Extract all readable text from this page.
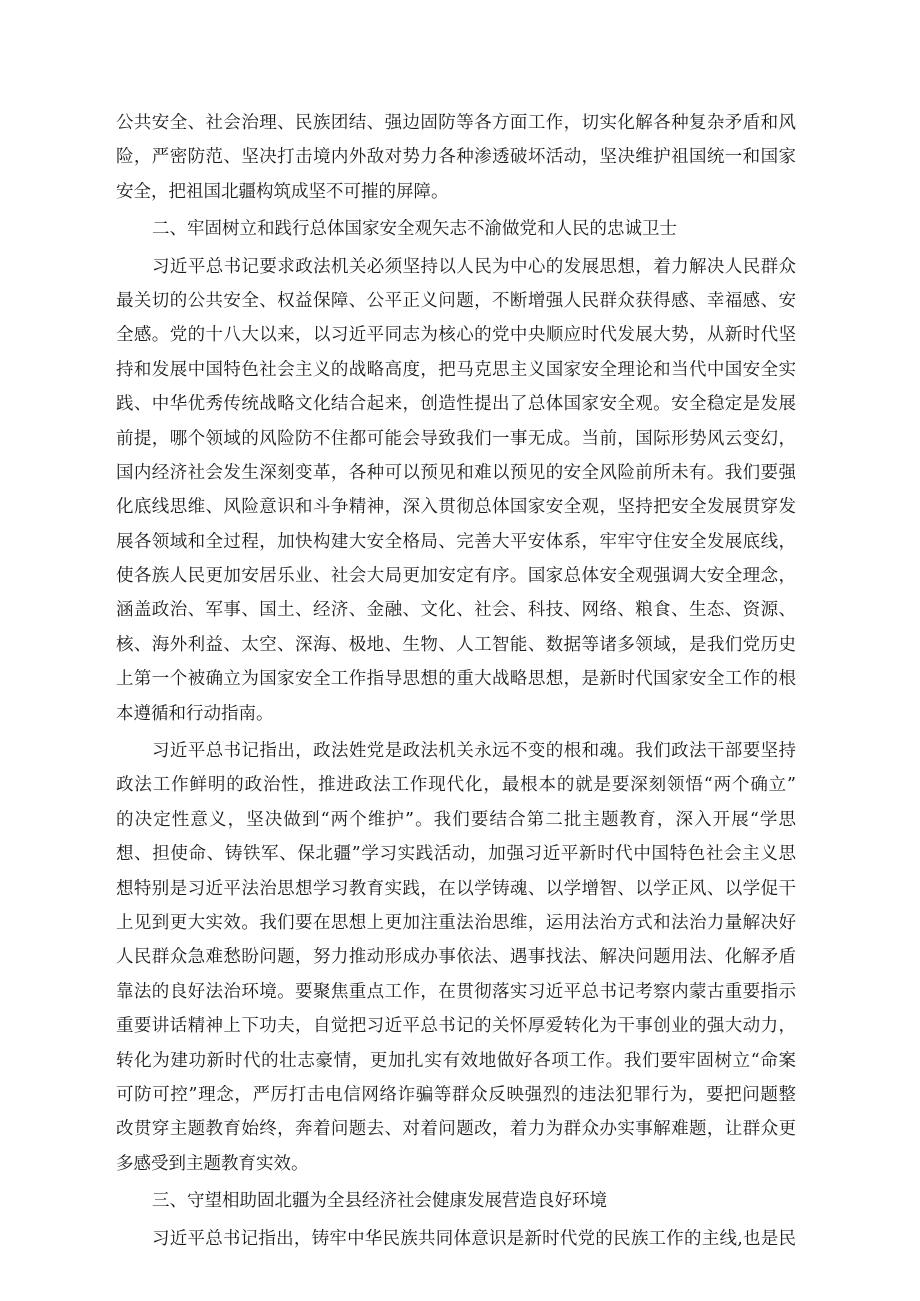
公共安全、社会治理、民族团结、强边固防等各方面工作，切实化解各种复杂矛盾和风
险，严密防范、坚决打击境内外敌对势力各种渗透破坏活动，坚决维护祖国统一和国家
安全，把祖国北疆构筑成坚不可摧的屏障。
二、牢固树立和践行总体国家安全观矢志不渝做党和人民的忠诚卫士
习近平总书记要求政法机关必须坚持以人民为中心的发展思想，着力解决人民群众
最关切的公共安全、权益保障、公平正义问题，不断增强人民群众获得感、幸福感、安
全感。党的十八大以来，以习近平同志为核心的党中央顺应时代发展大势，从新时代坚
持和发展中国特色社会主义的战略高度，把马克思主义国家安全理论和当代中国安全实
践、中华优秀传统战略文化结合起来，创造性提出了总体国家安全观。安全稳定是发展
前提，哪个领域的风险防不住都可能会导致我们一事无成。当前，国际形势风云变幻，
国内经济社会发生深刻变革，各种可以预见和难以预见的安全风险前所未有。我们要强
化底线思维、风险意识和斗争精神，深入贯彻总体国家安全观，坚持把安全发展贯穿发
展各领域和全过程，加快构建大安全格局、完善大平安体系，牢牢守住安全发展底线，
使各族人民更加安居乐业、社会大局更加安定有序。国家总体安全观强调大安全理念，
涵盖政治、军事、国土、经济、金融、文化、社会、科技、网络、粮食、生态、资源、
核、海外利益、太空、深海、极地、生物、人工智能、数据等诸多领域，是我们党历史
上第一个被确立为国家安全工作指导思想的重大战略思想，是新时代国家安全工作的根
本遵循和行动指南。
习近平总书记指出，政法姓党是政法机关永远不变的根和魂。我们政法干部要坚持
政法工作鲜明的政治性，推进政法工作现代化，最根本的就是要深刻领悟“两个确立”
的决定性意义，坚决做到“两个维护”。我们要结合第二批主题教育，深入开展“学思
想、担使命、铸铁军、保北疆”学习实践活动，加强习近平新时代中国特色社会主义思
想特别是习近平法治思想学习教育实践，在以学铸魂、以学增智、以学正风、以学促干
上见到更大实效。我们要在思想上更加注重法治思维，运用法治方式和法治力量解决好
人民群众急难愁盼问题，努力推动形成办事依法、遇事找法、解决问题用法、化解矛盾
靠法的良好法治环境。要聚焦重点工作，在贯彻落实习近平总书记考察内蒙古重要指示
重要讲话精神上下功夫，自觉把习近平总书记的关怀厚爱转化为干事创业的强大动力，
转化为建功新时代的壮志豪情，更加扎实有效地做好各项工作。我们要牢固树立“命案
可防可控”理念，严厉打击电信网络诈骗等群众反映强烈的违法犯罪行为，要把问题整
改贯穿主题教育始终，奔着问题去、对着问题改，着力为群众办实事解难题，让群众更
多感受到主题教育实效。
三、守望相助固北疆为全县经济社会健康发展营造良好环境
习近平总书记指出，铸牢中华民族共同体意识是新时代党的民族工作的主线,也是民
